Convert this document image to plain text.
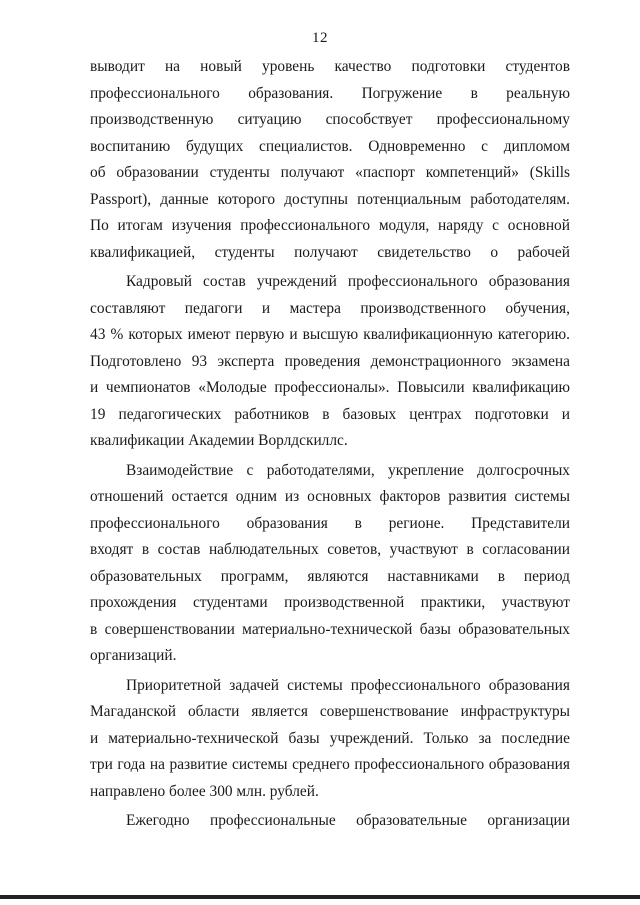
12
выводит на новый уровень качество подготовки студентов
профессионального образования. Погружение в реальную
производственную ситуацию способствует профессиональному
воспитанию будущих специалистов. Одновременно с дипломом
об образовании студенты получают «паспорт компетенций» (Skills
Passport), данные которого доступны потенциальным работодателям.
По итогам изучения профессионального модуля, наряду с основной
квалификацией, студенты получают свидетельство о рабочей
Кадровый состав учреждений профессионального образования
составляют педагоги и мастера производственного обучения,
43 % которых имеют первую и высшую квалификационную категорию.
Подготовлено 93 эксперта проведения демонстрационного экзамена
и чемпионатов «Молодые профессионалы». Повысили квалификацию
19 педагогических работников в базовых центрах подготовки и
квалификации Академии Ворлдскиллс.
Взаимодействие с работодателями, укрепление долгосрочных
отношений остается одним из основных факторов развития системы
профессионального образования в регионе. Представители
входят в состав наблюдательных советов, участвуют в согласовании
образовательных программ, являются наставниками в период
прохождения студентами производственной практики, участвуют
в совершенствовании материально-технической базы образовательных
организаций.
Приоритетной задачей системы профессионального образования
Магаданской области является совершенствование инфраструктуры
и материально-технической базы учреждений. Только за последние
три года на развитие системы среднего профессионального образования
направлено более 300 млн. рублей.
Ежегодно профессиональные образовательные организации
